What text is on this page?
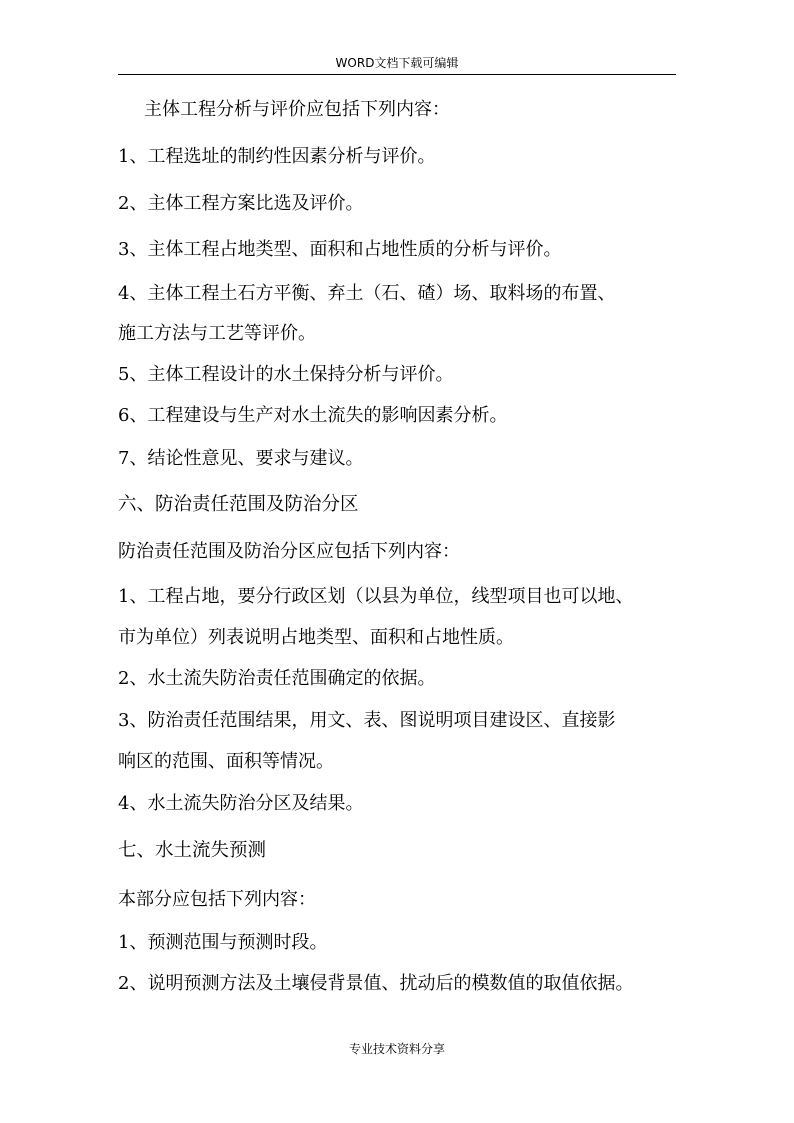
WORD文档下载可编辑
主体工程分析与评价应包括下列内容：
1、工程选址的制约性因素分析与评价。
2、主体工程方案比选及评价。
3、主体工程占地类型、面积和占地性质的分析与评价。
4、主体工程土石方平衡、弃土（石、碴）场、取料场的布置、
施工方法与工艺等评价。
5、主体工程设计的水土保持分析与评价。
6、工程建设与生产对水土流失的影响因素分析。
7、结论性意见、要求与建议。
六、防治责任范围及防治分区
防治责任范围及防治分区应包括下列内容：
1、工程占地，要分行政区划（以县为单位，线型项目也可以地、
市为单位）列表说明占地类型、面积和占地性质。
2、水土流失防治责任范围确定的依据。
3、防治责任范围结果，用文、表、图说明项目建设区、直接影
响区的范围、面积等情况。
4、水土流失防治分区及结果。
七、水土流失预测
本部分应包括下列内容：
1、预测范围与预测时段。
2、说明预测方法及土壤侵背景值、扰动后的模数值的取值依据。
专业技术资料分享
